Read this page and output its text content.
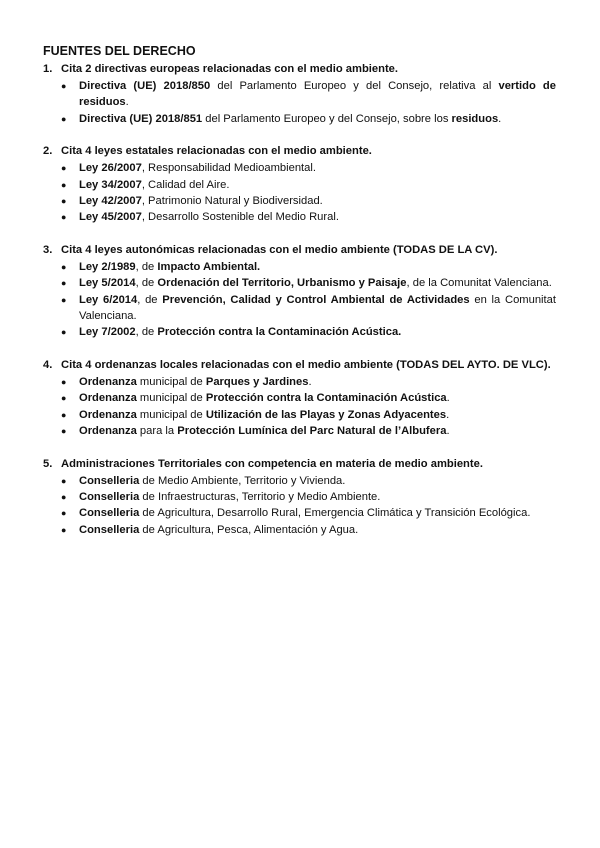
FUENTES DEL DERECHO
1. Cita 2 directivas europeas relacionadas con el medio ambiente.
●	Directiva (UE) 2018/850 del Parlamento Europeo y del Consejo, relativa al vertido de residuos.
●	Directiva (UE) 2018/851 del Parlamento Europeo y del Consejo, sobre los residuos.
2. Cita 4 leyes estatales relacionadas con el medio ambiente.
●	Ley 26/2007, Responsabilidad Medioambiental.
●	Ley 34/2007, Calidad del Aire.
●	Ley 42/2007, Patrimonio Natural y Biodiversidad.
●	Ley 45/2007, Desarrollo Sostenible del Medio Rural.
3. Cita 4 leyes autonómicas relacionadas con el medio ambiente (TODAS DE LA CV).
●	Ley 2/1989, de Impacto Ambiental.
●	Ley 5/2014, de Ordenación del Territorio, Urbanismo y Paisaje, de la Comunitat Valenciana.
●	Ley 6/2014, de Prevención, Calidad y Control Ambiental de Actividades en la Comunitat Valenciana.
●	Ley 7/2002, de Protección contra la Contaminación Acústica.
4. Cita 4 ordenanzas locales relacionadas con el medio ambiente (TODAS DEL AYTO. DE VLC).
●	Ordenanza municipal de Parques y Jardines.
●	Ordenanza municipal de Protección contra la Contaminación Acústica.
●	Ordenanza municipal de Utilización de las Playas y Zonas Adyacentes.
●	Ordenanza para la Protección Lumínica del Parc Natural de l’Albufera.
5. Administraciones Territoriales con competencia en materia de medio ambiente.
●	Conselleria de Medio Ambiente, Territorio y Vivienda.
●	Conselleria de Infraestructuras, Territorio y Medio Ambiente.
●	Conselleria de Agricultura, Desarrollo Rural, Emergencia Climática y Transición Ecológica.
●	Conselleria de Agricultura, Pesca, Alimentación y Agua.
